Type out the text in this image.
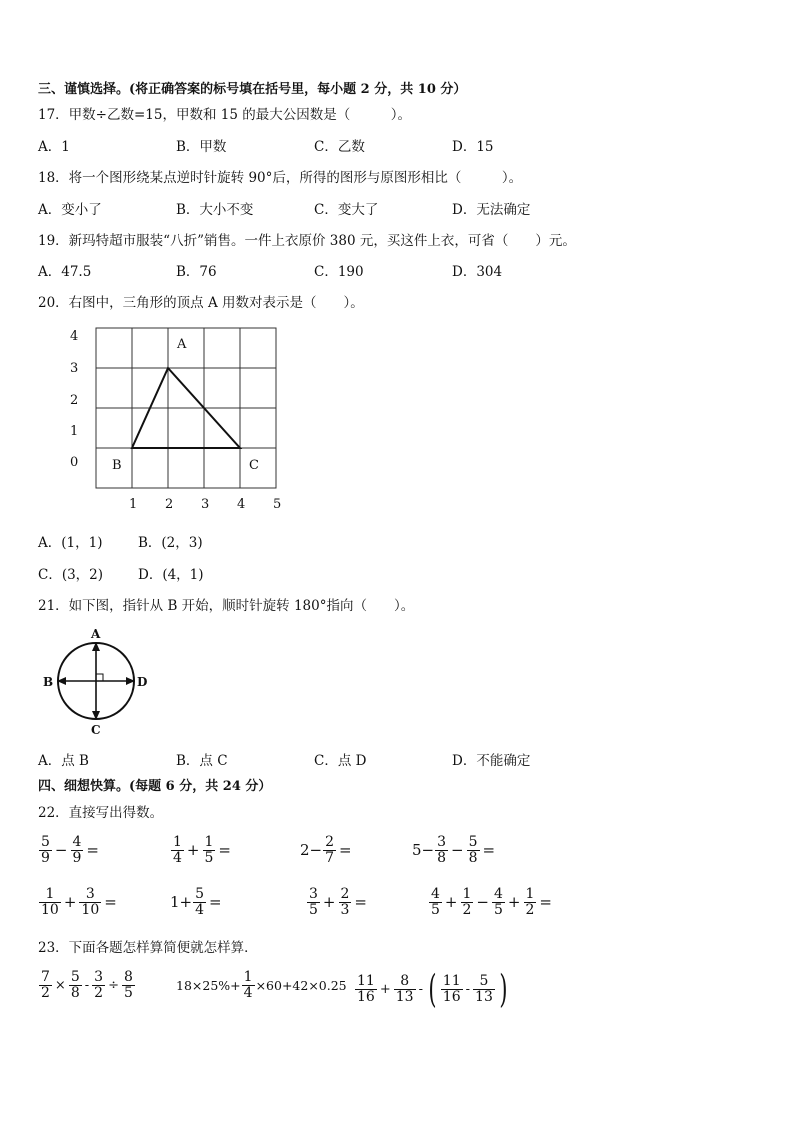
三、谨慎选择。(将正确答案的标号填在括号里，每小题 2 分，共 10 分）
17．甲数÷乙数=15，甲数和 15 的最大公因数是（　　　）。
A．1	B．甲数	C．乙数	D．15
18．将一个图形绕某点逆时针旋转 90°后，所得的图形与原图形相比（　　　）。
A．变小了	B．大小不变	C．变大了	D．无法确定
19．新玛特超市服装“八折”销售。一件上衣原价 380 元，买这件上衣，可省（　　）元。
A．47.5	B．76	C．190	D．304
20．右图中，三角形的顶点 A 用数对表示是（　　）。
4
3
2
1
0
1 2 3 4 5
A
B	C
A．(1，1)	B．(2，3)
C．(3，2)	D．(4，1)
21．如下图，指针从 B 开始，顺时针旋转 180°指向（　　）。
A
B
C
D
A．点 B	B．点 C	C．点 D	D．不能确定
四、细想快算。(每题 6 分，共 24 分）
22．直接写出得数。
$\frac{5}{9} - \frac{4}{9}$ =	$\frac{1}{4} + \frac{1}{5}$ =	$2- \frac{2}{7}$ =	$5- \frac{3}{8} - \frac{5}{8}$ =
$\frac{1}{10} + \frac{3}{10}$ =	$1+ \frac{5}{4}$ =	$\frac{3}{5} + \frac{2}{3}$ =	$\frac{4}{5} + \frac{1}{2} - \frac{4}{5} + \frac{1}{2}$ =
23．下面各题怎样算简便就怎样算．
$\frac{7}{2} \times \frac{5}{8} - \frac{3}{2} \div \frac{8}{5}$	$18\times 25\%+ \frac{1}{4} \times 60+42\times 0.25 \frac{11}{16} + \frac{8}{13}$ - ( $\frac{11}{16} - \frac{5}{13}$ )
